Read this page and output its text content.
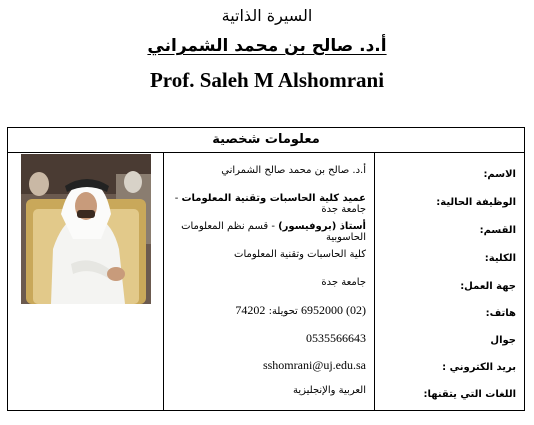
السيرة الذاتية
أ.د. صالح بن محمد الشمراني
Prof. Saleh M Alshomrani
معلومات شخصية
الاسم:
الوظيفة الحالية:
القسم:
الكلية:
جهة العمل:
هاتف:
جوال
بريد الكتروني :
اللغات التي يتقنها:
أ.د. صالح بن محمد صالح الشمراني
عميد كلية الحاسبات وتقنية المعلومات - جامعة جدة
أستاذ (بروفيسور) - قسم نظم المعلومات الحاسوبية
كلية الحاسبات وتقنية المعلومات
جامعة جدة
(02) 6952000 تحويلة: 74202
0535566643
sshomrani@uj.edu.sa
العربية والإنجليزية
